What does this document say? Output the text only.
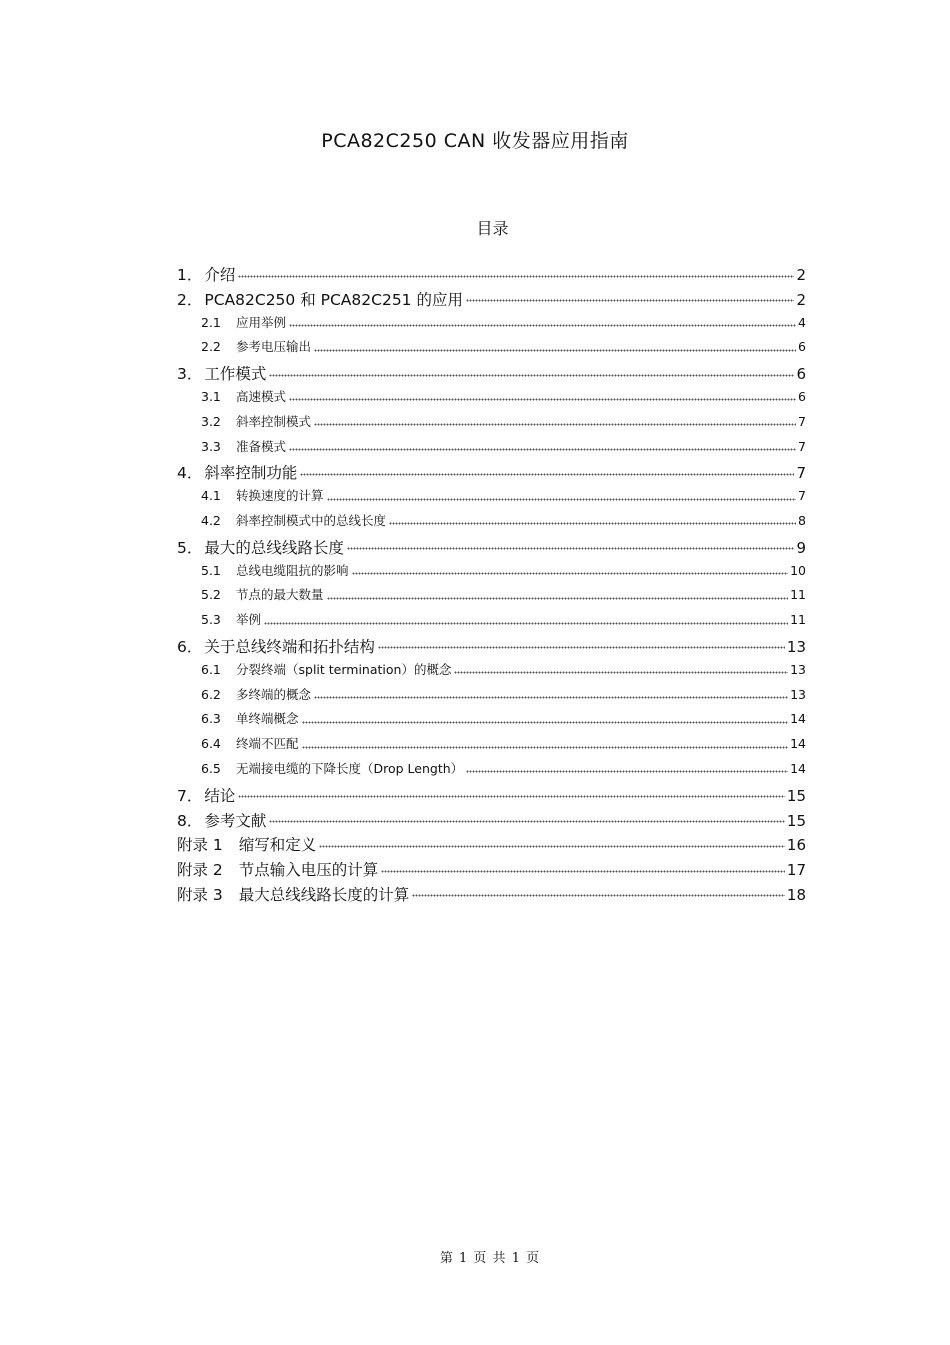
PCA82C250 CAN 收发器应用指南
目录
1． 介绍	2
2． PCA82C250 和 PCA82C251 的应用	2
2.1	应用举例	4
2.2	参考电压输出	6
3． 工作模式	6
3.1	高速模式	6
3.2	斜率控制模式	7
3.3	准备模式	7
4． 斜率控制功能	7
4.1	转换速度的计算	7
4.2	斜率控制模式中的总线长度	8
5． 最大的总线线路长度	9
5.1	总线电缆阻抗的影响	10
5.2	节点的最大数量	11
5.3	举例	11
6． 关于总线终端和拓扑结构	13
6.1	分裂终端（split termination）的概念	13
6.2	多终端的概念	13
6.3	单终端概念	14
6.4	终端不匹配	14
6.5	无端接电缆的下降长度（Drop Length）	14
7． 结论	15
8． 参考文献	15
附录 1 缩写和定义	16
附录 2 节点输入电压的计算	17
附录 3 最大总线线路长度的计算	18
第 1 页 共 1 页
